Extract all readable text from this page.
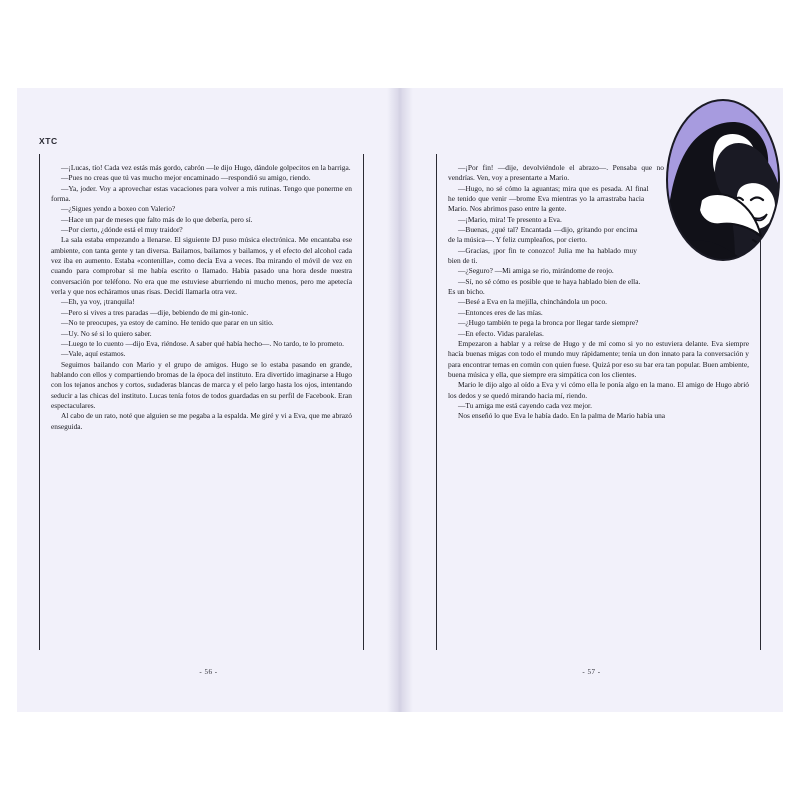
XTC

—¡Lucas, tío! Cada vez estás más gordo, cabrón —le dijo Hugo, dándole golpecitos en la barriga.

—Pues no creas que tú vas mucho mejor encaminado —respondió su amigo, riendo.

—Ya, joder. Voy a aprovechar estas vacaciones para volver a mis rutinas. Tengo que ponerme en forma.

—¿Sigues yendo a boxeo con Valerio?

—Hace un par de meses que falto más de lo que debería, pero sí.

—Por cierto, ¿dónde está el muy traidor?

La sala estaba empezando a llenarse. El siguiente DJ puso música electrónica. Me encantaba ese ambiente, con tanta gente y tan diversa. Bailamos, bailamos y bailamos, y el efecto del alcohol cada vez iba en aumento. Estaba «contenilla», como decía Eva a veces. Iba mirando el móvil de vez en cuando para comprobar si me había escrito o llamado. Había pasado una hora desde nuestra conversación por teléfono. No era que me estuviese aburriendo ni mucho menos, pero me apetecía verla y que nos echáramos unas risas. Decidí llamarla otra vez.

—Eh, ya voy, ¡tranquila!

—Pero si vives a tres paradas —dije, bebiendo de mi gin-tonic.

—No te preocupes, ya estoy de camino. He tenido que parar en un sitio.

—Uy. No sé si lo quiero saber.

—Luego te lo cuento —dijo Eva, riéndose. A saber qué había hecho—. No tardo, te lo prometo.

—Vale, aquí estamos.

Seguimos bailando con Mario y el grupo de amigos. Hugo se lo estaba pasando en grande, hablando con ellos y compartiendo bromas de la época del instituto. Era divertido imaginarse a Hugo con los tejanos anchos y cortos, sudaderas blancas de marca y el pelo largo hasta los ojos, intentando seducir a las chicas del instituto. Lucas tenía fotos de todos guardadas en su perfil de Facebook. Eran espectaculares.

Al cabo de un rato, noté que alguien se me pegaba a la espalda. Me giré y vi a Eva, que me abrazó enseguida.

- 56 -

—¡Por fin! —dije, devolviéndole el abrazo—. Pensaba que no vendrías. Ven, voy a presentarte a Mario.

—Hugo, no sé cómo la aguantas; mira que es pesada. Al final he tenido que venir —brome Eva mientras yo la arrastraba hacia Mario. Nos abrimos paso entre la gente.

—¡Mario, mira! Te presento a Eva.

—Buenas, ¿qué tal? Encantada —dijo, gritando por encima de la música—. Y feliz cumpleaños, por cierto.

—Gracias, ¡por fin te conozco! Julia me ha hablado muy bien de ti.

—¿Seguro? —Mi amiga se rio, mirándome de reojo.

—Sí, no sé cómo es posible que te haya hablado bien de ella. Es un bicho.

—Besé a Eva en la mejilla, chinchándola un poco.

—Entonces eres de las mías.

—¿Hugo también te pega la bronca por llegar tarde siempre?

—En efecto. Vidas paralelas.

Empezaron a hablar y a reírse de Hugo y de mí como si yo no estuviera delante. Eva siempre hacía buenas migas con todo el mundo muy rápidamente; tenía un don innato para la conversación y para encontrar temas en común con quien fuese. Quizá por eso su bar era tan popular. Buen ambiente, buena música y ella, que siempre era simpática con los clientes.

Mario le dijo algo al oído a Eva y vi cómo ella le ponía algo en la mano. El amigo de Hugo abrió los dedos y se quedó mirando hacia mí, riendo.

—Tu amiga me está cayendo cada vez mejor.

Nos enseñó lo que Eva le había dado. En la palma de Mario había una

- 57 -
